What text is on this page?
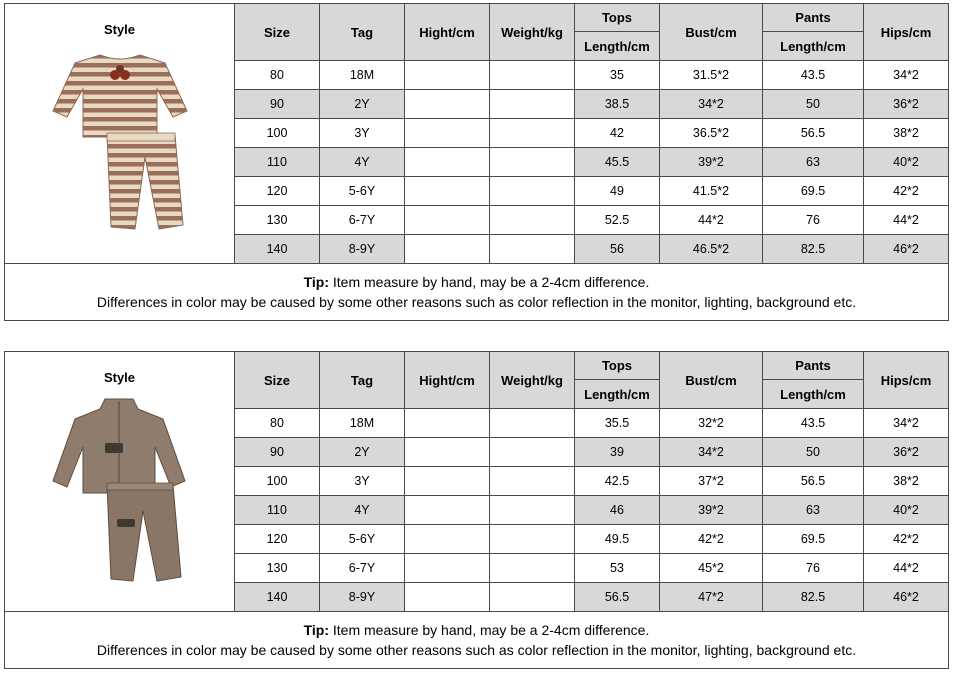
Style	Size	Tag	Hight/cm	Weight/kg	Tops	Bust/cm	Pants	Hips/cm
					Length/cm		Length/cm	
	80	18M			35	31.5*2	43.5	34*2
	90	2Y			38.5	34*2	50	36*2
	100	3Y			42	36.5*2	56.5	38*2
	110	4Y			45.5	39*2	63	40*2
	120	5-6Y			49	41.5*2	69.5	42*2
	130	6-7Y			52.5	44*2	76	44*2
	140	8-9Y			56	46.5*2	82.5	46*2
Tip: Item measure by hand, may be a 2-4cm difference.
Differences in color may be caused by some other reasons such as color reflection in the monitor, lighting, background etc.								
Style	Size	Tag	Hight/cm	Weight/kg	Tops	Bust/cm	Pants	Hips/cm
					Length/cm		Length/cm	
	80	18M			35.5	32*2	43.5	34*2
	90	2Y			39	34*2	50	36*2
	100	3Y			42.5	37*2	56.5	38*2
	110	4Y			46	39*2	63	40*2
	120	5-6Y			49.5	42*2	69.5	42*2
	130	6-7Y			53	45*2	76	44*2
	140	8-9Y			56.5	47*2	82.5	46*2
Tip: Item measure by hand, may be a 2-4cm difference.
Differences in color may be caused by some other reasons such as color reflection in the monitor, lighting, background etc.								
